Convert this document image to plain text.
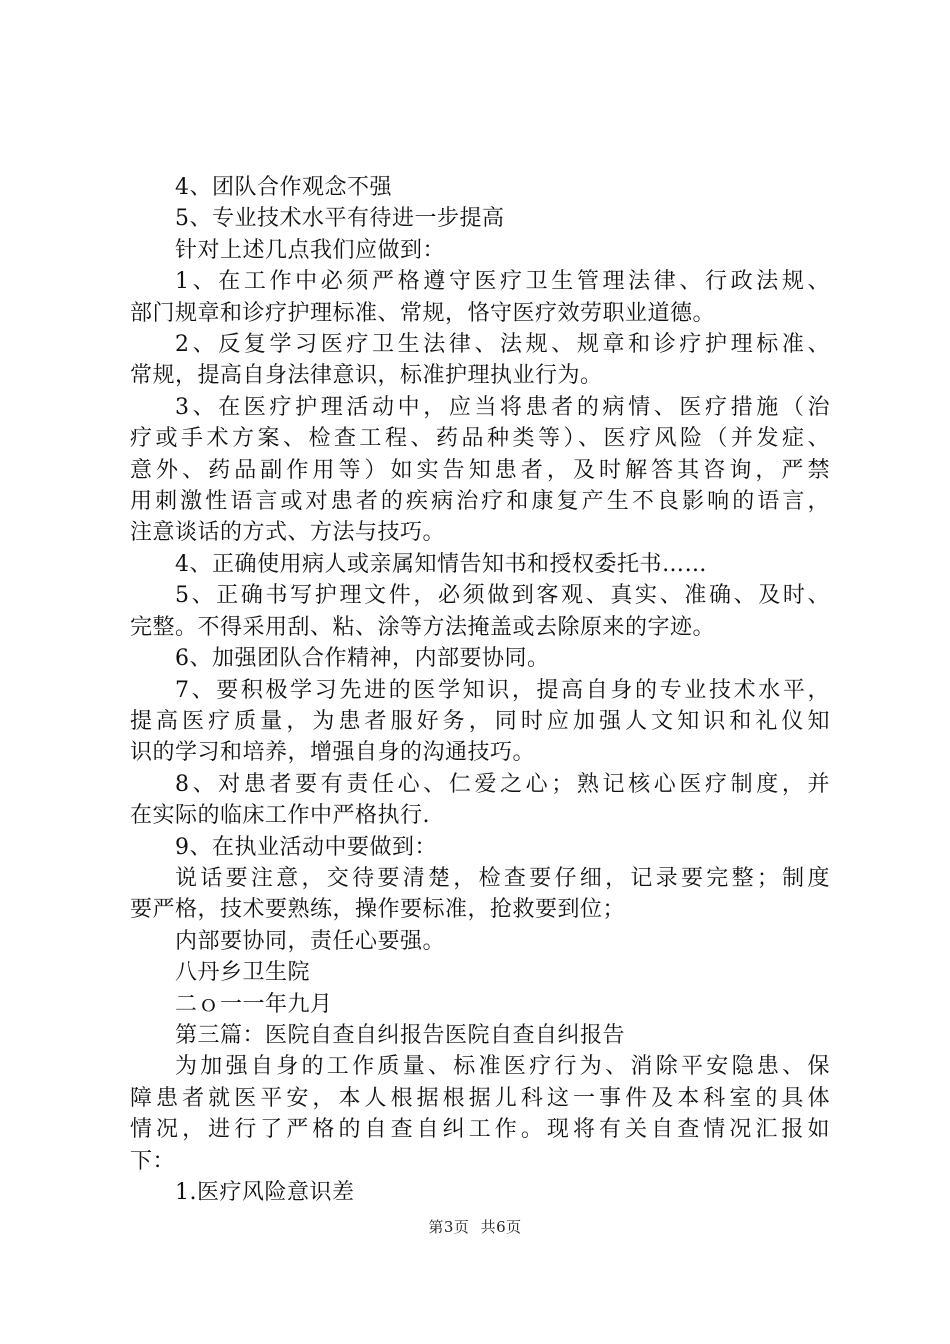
4、团队合作观念不强
5、专业技术水平有待进一步提高
针对上述几点我们应做到：
1、在工作中必须严格遵守医疗卫生管理法律、行政法规、
部门规章和诊疗护理标准、常规，恪守医疗效劳职业道德。
2、反复学习医疗卫生法律、法规、规章和诊疗护理标准、
常规，提高自身法律意识，标准护理执业行为。
3、在医疗护理活动中，应当将患者的病情、医疗措施（治
疗或手术方案、检查工程、药品种类等）、医疗风险（并发症、
意外、药品副作用等）如实告知患者，及时解答其咨询，严禁
用刺激性语言或对患者的疾病治疗和康复产生不良影响的语言，
注意谈话的方式、方法与技巧。
4、正确使用病人或亲属知情告知书和授权委托书……
5、正确书写护理文件，必须做到客观、真实、准确、及时、
完整。不得采用刮、粘、涂等方法掩盖或去除原来的字迹。
6、加强团队合作精神，内部要协同。
7、要积极学习先进的医学知识，提高自身的专业技术水平，
提高医疗质量，为患者服好务，同时应加强人文知识和礼仪知
识的学习和培养，增强自身的沟通技巧。
8、对患者要有责任心、仁爱之心；熟记核心医疗制度，并
在实际的临床工作中严格执行.
9、在执业活动中要做到：
说话要注意，交待要清楚，检查要仔细，记录要完整；制度
要严格，技术要熟练，操作要标准，抢救要到位；
内部要协同，责任心要强。
八丹乡卫生院
二ｏ一一年九月
第三篇：医院自查自纠报告医院自查自纠报告
为加强自身的工作质量、标准医疗行为、消除平安隐患、保
障患者就医平安，本人根据根据儿科这一事件及本科室的具体
情况，进行了严格的自查自纠工作。现将有关自查情况汇报如
下：
1.医疗风险意识差
第3页 共6页
